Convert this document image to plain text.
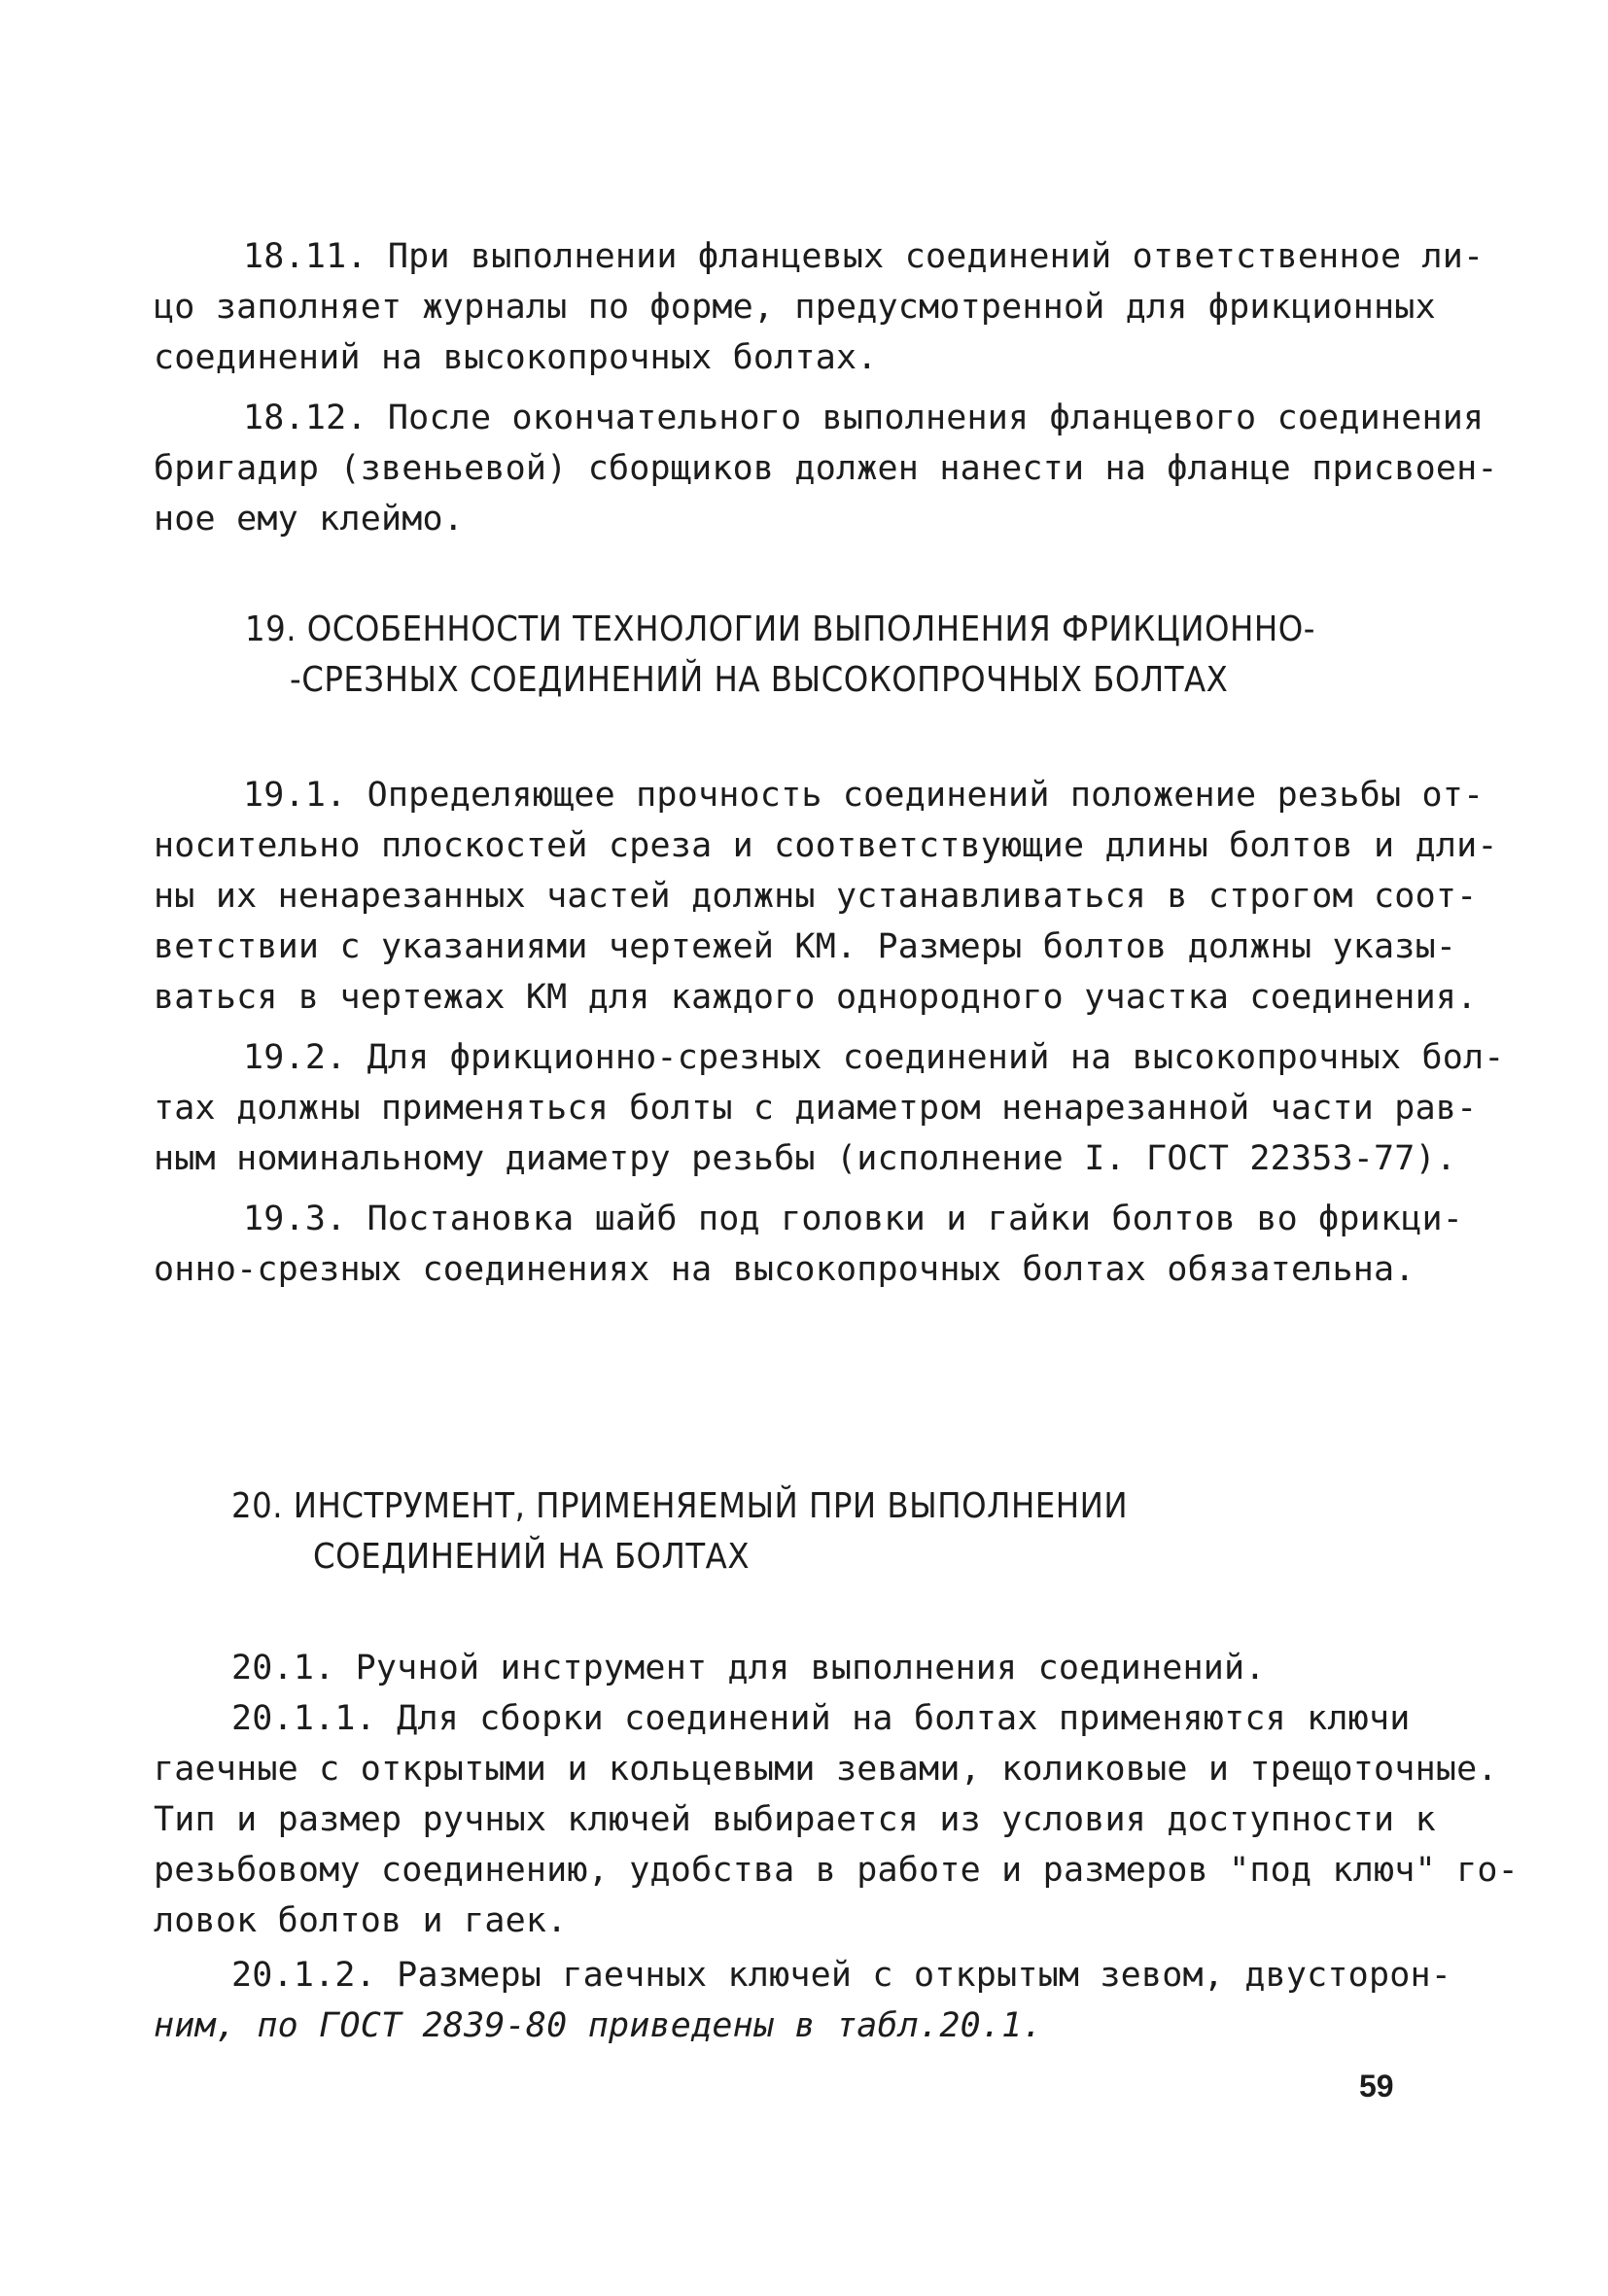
18.11. При выполнении фланцевых соединений ответственное ли-
цо заполняет журналы по форме, предусмотренной для фрикционных
соединений на высокопрочных болтах.
18.12. После окончательного выполнения фланцевого соединения
бригадир (звеньевой) сборщиков должен нанести на фланце присвоен-
ное ему клеймо.
19. ОСОБЕННОСТИ ТЕХНОЛОГИИ ВЫПОЛНЕНИЯ ФРИКЦИОННО-
-СРЕЗНЫХ СОЕДИНЕНИЙ НА ВЫСОКОПРОЧНЫХ БОЛТАХ
19.1. Определяющее прочность соединений положение резьбы от-
носительно плоскостей среза и соответствующие длины болтов и дли-
ны их ненарезанных частей должны устанавливаться в строгом соот-
ветствии с указаниями чертежей КМ. Размеры болтов должны указы-
ваться в чертежах КМ для каждого однородного участка соединения.
19.2. Для фрикционно-срезных соединений на высокопрочных бол-
тах должны применяться болты с диаметром ненарезанной части рав-
ным номинальному диаметру резьбы (исполнение I. ГОСТ 22353-77).
19.3. Постановка шайб под головки и гайки болтов во фрикци-
онно-срезных соединениях на высокопрочных болтах обязательна.
20. ИНСТРУМЕНТ, ПРИМЕНЯЕМЫЙ ПРИ ВЫПОЛНЕНИИ
СОЕДИНЕНИЙ НА БОЛТАХ
20.1. Ручной инструмент для выполнения соединений.
20.1.1. Для сборки соединений на болтах применяются ключи
гаечные с открытыми и кольцевыми зевами, коликовые и трещоточные.
Тип и размер ручных ключей выбирается из условия доступности к
резьбовому соединению, удобства в работе и размеров "под ключ" го-
ловок болтов и гаек.
20.1.2. Размеры гаечных ключей с открытым зевом, двусторон-
ним, по ГОСТ 2839-80 приведены в табл.20.1.
59
